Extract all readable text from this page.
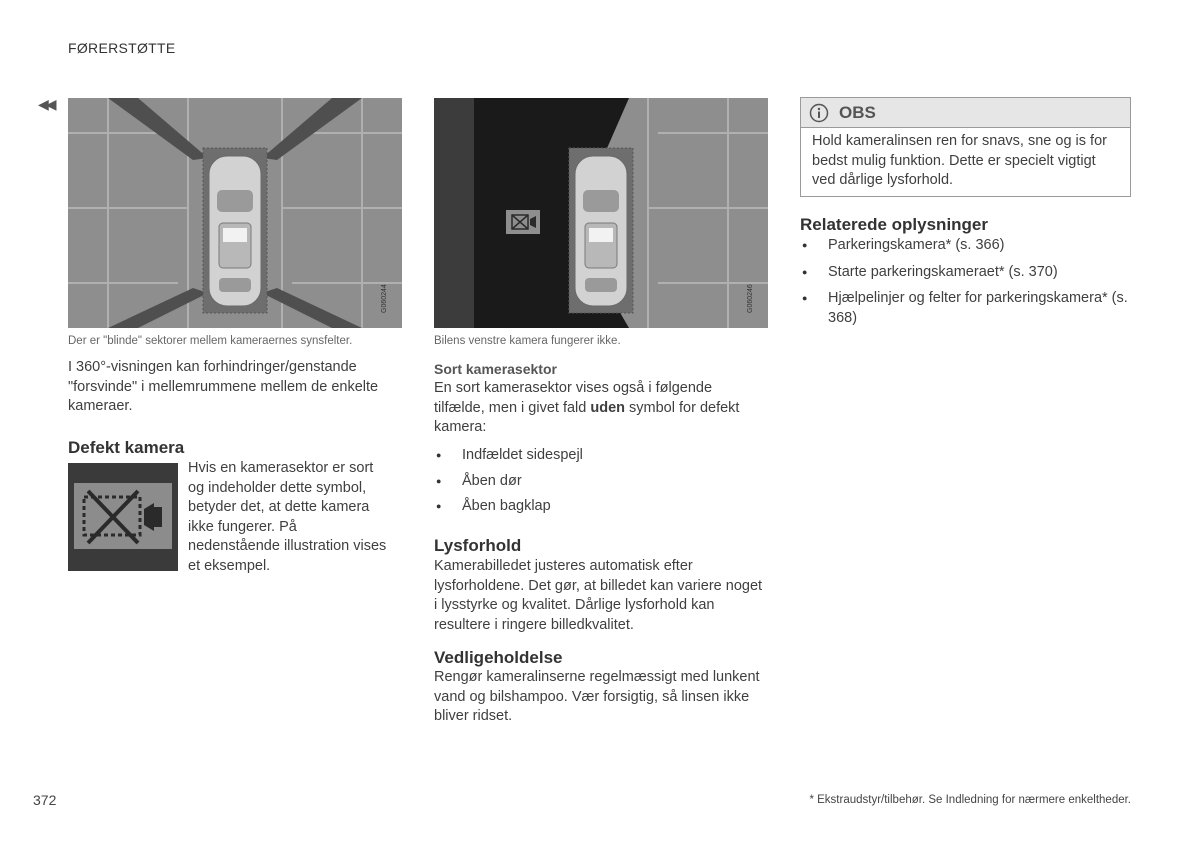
FØRERSTØTTE
◀◀
G060244
Der er "blinde" sektorer mellem kameraernes synsfelter.
I 360°-visningen kan forhindringer/genstande "forsvinde" i mellemrummene mellem de enkelte kameraer.
Defekt kamera
Hvis en kamerasektor er sort og indeholder dette symbol, betyder det, at dette kamera ikke fungerer. På nedenstående illustration vises et eksempel.
G060246
Bilens venstre kamera fungerer ikke.
Sort kamerasektor
En sort kamerasektor vises også i følgende tilfælde, men i givet fald uden symbol for defekt kamera:
● Indfældet sidespejl
● Åben dør
● Åben bagklap
Lysforhold
Kamerabilledet justeres automatisk efter lysforholdene. Det gør, at billedet kan variere noget i lysstyrke og kvalitet. Dårlige lysforhold kan resultere i ringere billedkvalitet.
Vedligeholdelse
Rengør kameralinserne regelmæssigt med lunkent vand og bilshampoo. Vær forsigtig, så linsen ikke bliver ridset.
OBS
Hold kameralinsen ren for snavs, sne og is for bedst mulig funktion. Dette er specielt vigtigt ved dårlige lysforhold.
Relaterede oplysninger
● Parkeringskamera* (s. 366)
● Starte parkeringskameraet* (s. 370)
● Hjælpelinjer og felter for parkeringskamera* (s. 368)
372	* Ekstraudstyr/tilbehør. Se Indledning for nærmere enkeltheder.
